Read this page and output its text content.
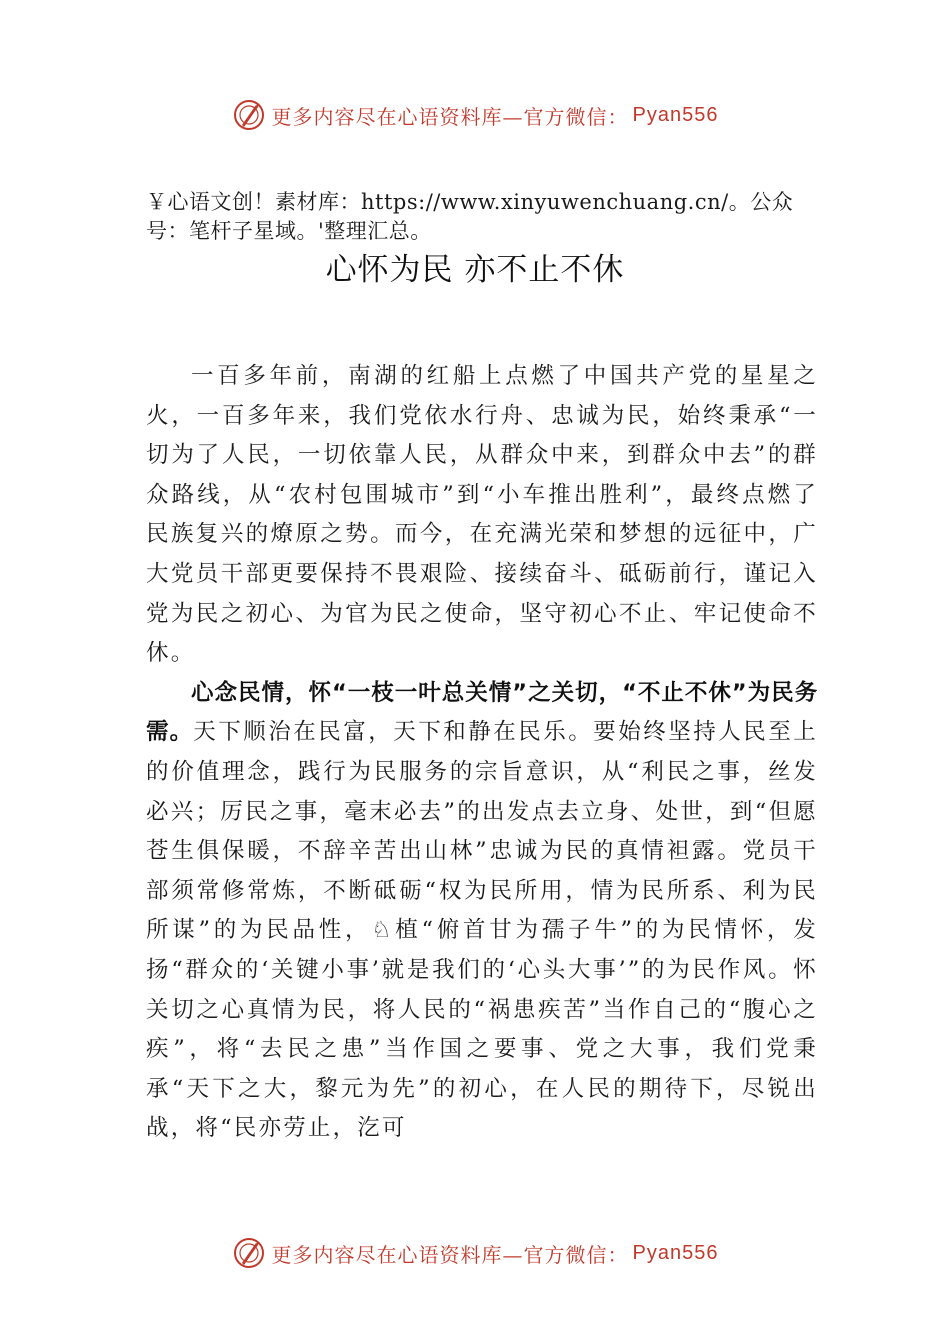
更多内容尽在心语资料库—官方微信： Pyan556
￥心语文创！素材库：https://www.xinyuwenchuang.cn/。公众号：笔杆子星域。'整理汇总。
心怀为民 亦不止不休

一百多年前，南湖的红船上点燃了中国共产党的星星之火，一百多年来，我们党依水行舟、忠诚为民，始终秉承“一切为了人民，一切依靠人民，从群众中来，到群众中去”的群众路线，从“农村包围城市”到“小车推出胜利”，最终点燃了民族复兴的燎原之势。而今，在充满光荣和梦想的远征中，广大党员干部更要保持不畏艰险、接续奋斗、砥砺前行，谨记入党为民之初心、为官为民之使命，坚守初心不止、牢记使命不休。

心念民情，怀“一枝一叶总关情”之关切，“不止不休”为民务需。天下顺治在民富，天下和静在民乐。要始终坚持人民至上的价值理念，践行为民服务的宗旨意识，从“利民之事，丝发必兴；厉民之事，毫末必去”的出发点去立身、处世，到“但愿苍生俱保暖，不辞辛苦出山林”忠诚为民的真情袒露。党员干部须常修常炼，不断砥砺“权为民所用，情为民所系、利为民所谋”的为民品性，♘植“俯首甘为孺子牛”的为民情怀，发扬“群众的‘关键小事’就是我们的‘心头大事’”的为民作风。怀关切之心真情为民，将人民的“祸患疾苦”当作自己的“腹心之疾”，将“去民之患”当作国之要事、党之大事，我们党秉承“天下之大，黎元为先”的初心，在人民的期待下，尽锐出战，将“民亦劳止，汔可

更多内容尽在心语资料库—官方微信： Pyan556
